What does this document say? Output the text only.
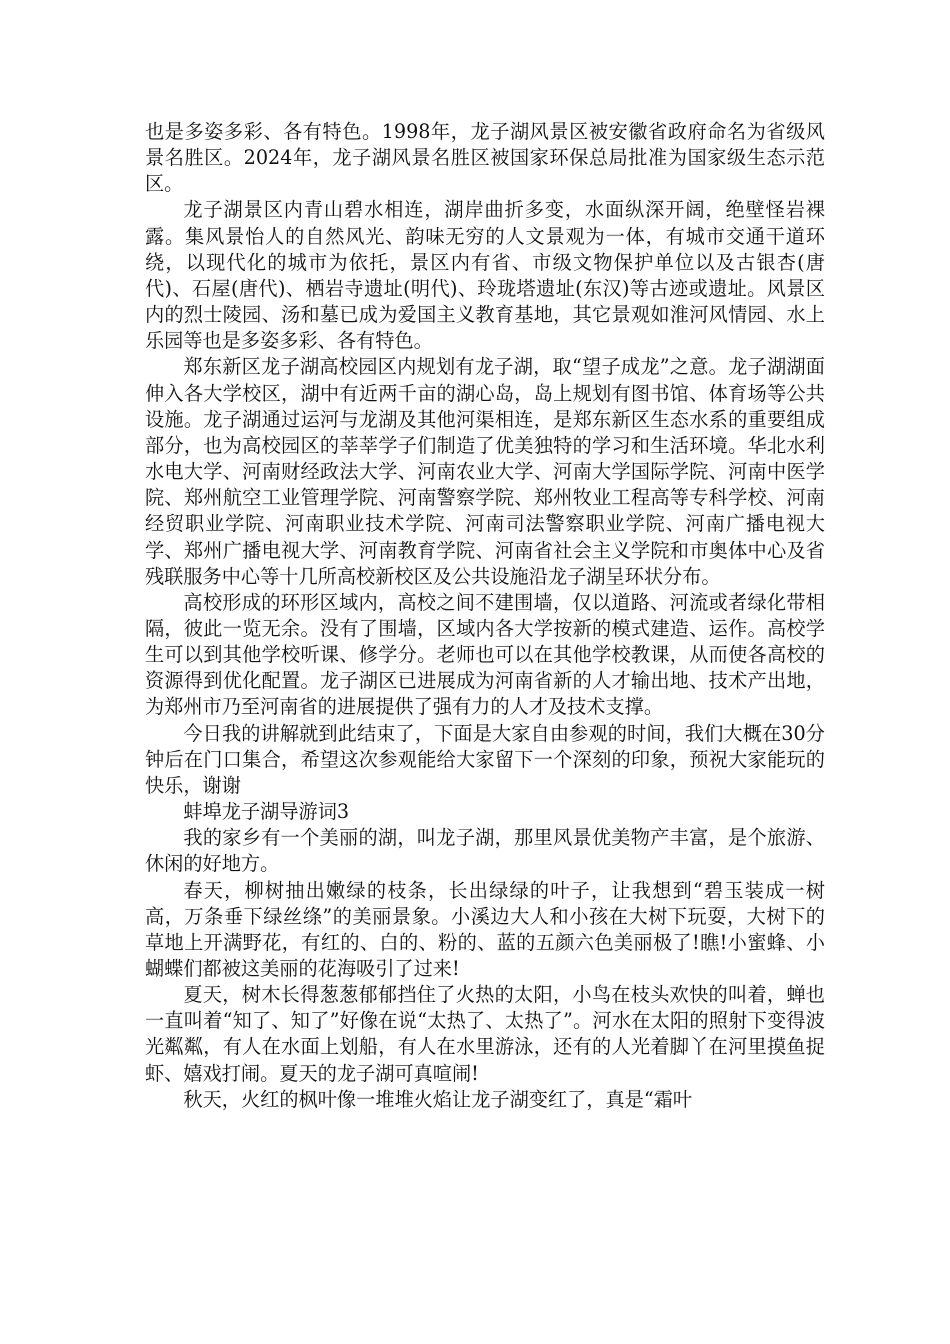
也是多姿多彩、各有特色。1998年，龙子湖风景区被安徽省政府命名为省级风景名胜区。2024年，龙子湖风景名胜区被国家环保总局批准为国家级生态示范区。

龙子湖景区内青山碧水相连，湖岸曲折多变，水面纵深开阔，绝壁怪岩裸露。集风景怡人的自然风光、韵味无穷的人文景观为一体，有城市交通干道环绕，以现代化的城市为依托，景区内有省、市级文物保护单位以及古银杏(唐代)、石屋(唐代)、栖岩寺遗址(明代)、玲珑塔遗址(东汉)等古迹或遗址。风景区内的烈士陵园、汤和墓已成为爱国主义教育基地，其它景观如淮河风情园、水上乐园等也是多姿多彩、各有特色。

郑东新区龙子湖高校园区内规划有龙子湖，取“望子成龙”之意。龙子湖湖面伸入各大学校区，湖中有近两千亩的湖心岛，岛上规划有图书馆、体育场等公共设施。龙子湖通过运河与龙湖及其他河渠相连，是郑东新区生态水系的重要组成部分，也为高校园区的莘莘学子们制造了优美独特的学习和生活环境。华北水利水电大学、河南财经政法大学、河南农业大学、河南大学国际学院、河南中医学院、郑州航空工业管理学院、河南警察学院、郑州牧业工程高等专科学校、河南经贸职业学院、河南职业技术学院、河南司法警察职业学院、河南广播电视大学、郑州广播电视大学、河南教育学院、河南省社会主义学院和市奥体中心及省残联服务中心等十几所高校新校区及公共设施沿龙子湖呈环状分布。

高校形成的环形区域内，高校之间不建围墙，仅以道路、河流或者绿化带相隔，彼此一览无余。没有了围墙，区域内各大学按新的模式建造、运作。高校学生可以到其他学校听课、修学分。老师也可以在其他学校教课，从而使各高校的资源得到优化配置。龙子湖区已进展成为河南省新的人才输出地、技术产出地，为郑州市乃至河南省的进展提供了强有力的人才及技术支撑。

今日我的讲解就到此结束了，下面是大家自由参观的时间，我们大概在30分钟后在门口集合，希望这次参观能给大家留下一个深刻的印象，预祝大家能玩的快乐，谢谢

蚌埠龙子湖导游词3

我的家乡有一个美丽的湖，叫龙子湖，那里风景优美物产丰富，是个旅游、休闲的好地方。

春天，柳树抽出嫩绿的枝条，长出绿绿的叶子，让我想到“碧玉装成一树高，万条垂下绿丝绦”的美丽景象。小溪边大人和小孩在大树下玩耍，大树下的草地上开满野花，有红的、白的、粉的、蓝的五颜六色美丽极了!瞧!小蜜蜂、小蝴蝶们都被这美丽的花海吸引了过来!

夏天，树木长得葱葱郁郁挡住了火热的太阳，小鸟在枝头欢快的叫着，蝉也一直叫着“知了、知了”好像在说“太热了、太热了”。河水在太阳的照射下变得波光粼粼，有人在水面上划船，有人在水里游泳，还有的人光着脚丫在河里摸鱼捉虾、嬉戏打闹。夏天的龙子湖可真喧闹!

秋天，火红的枫叶像一堆堆火焰让龙子湖变红了，真是“霜叶
